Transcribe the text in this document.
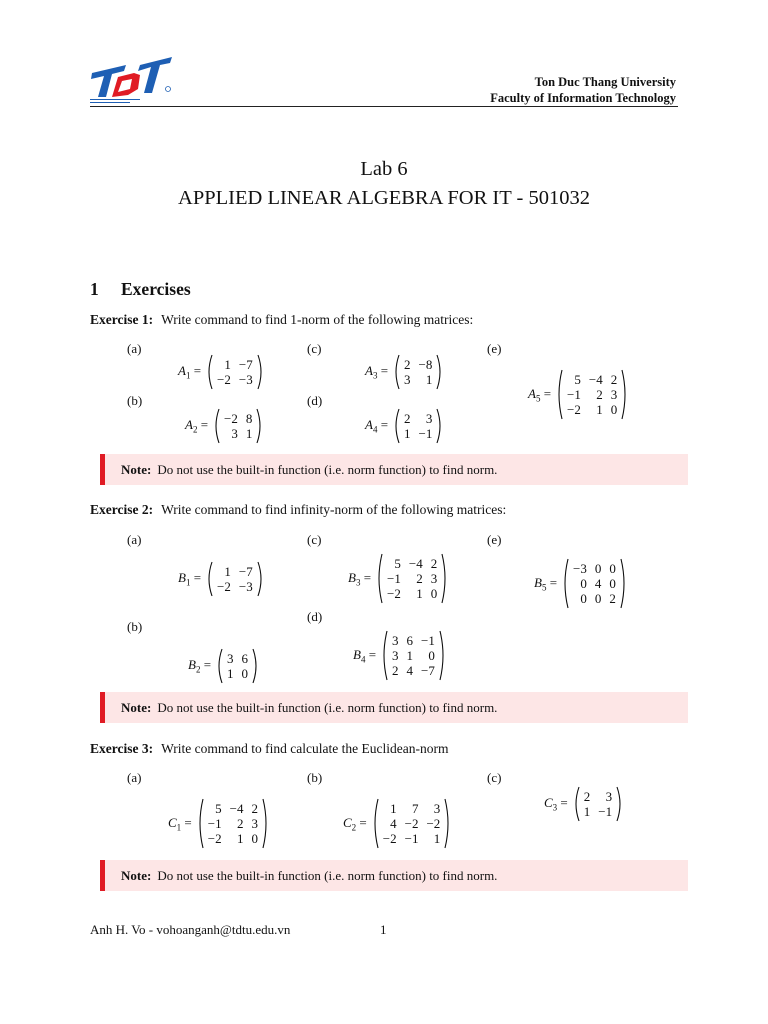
Ton Duc Thang University
Faculty of Information Technology
Lab 6
APPLIED LINEAR ALGEBRA FOR IT - 501032
1 Exercises
Exercise 1: Write command to find 1-norm of the following matrices:
(a)
(b)
(c)
(d)
(e)
$A_1 = 1$	−7
−2	−3
$A_2 = -2$	8
3	1
$A_3 = 2$	−8
3	1
$A_4 = 2$	3
1	−1
$A_5$ =
5	−4	2
−1	2	3
−2	1	0
Note: Do not use the built-in function (i.e. norm function) to find norm.
Exercise 2: Write command to find infinity-norm of the following matrices:
(a)
(b)
(c)
(d)
(e)
$B_1 = 1$	−7
−2	−3
$B_2 = 3$	6
1	0
$B_3$ =
5	−4	2
−1	2	3
−2	1	0
$B_4$ =
3	6	−1
3	1	0
2	4	−7
$B_5$ =
−3	0	0
0	4	0
0	0	2
Note: Do not use the built-in function (i.e. norm function) to find norm.
Exercise 3: Write command to find calculate the Euclidean-norm
(a)	(b)	(c)
$C_1$ =
5	−4	2
−1	2	3
−2	1	0
$C_2$ =
1	7	3
4	−2	−2
−2	−1	1
$C_3 = 2$	3
1	−1
Note: Do not use the built-in function (i.e. norm function) to find norm.
Anh H. Vo - vohoanganh@tdtu.edu.vn	1
